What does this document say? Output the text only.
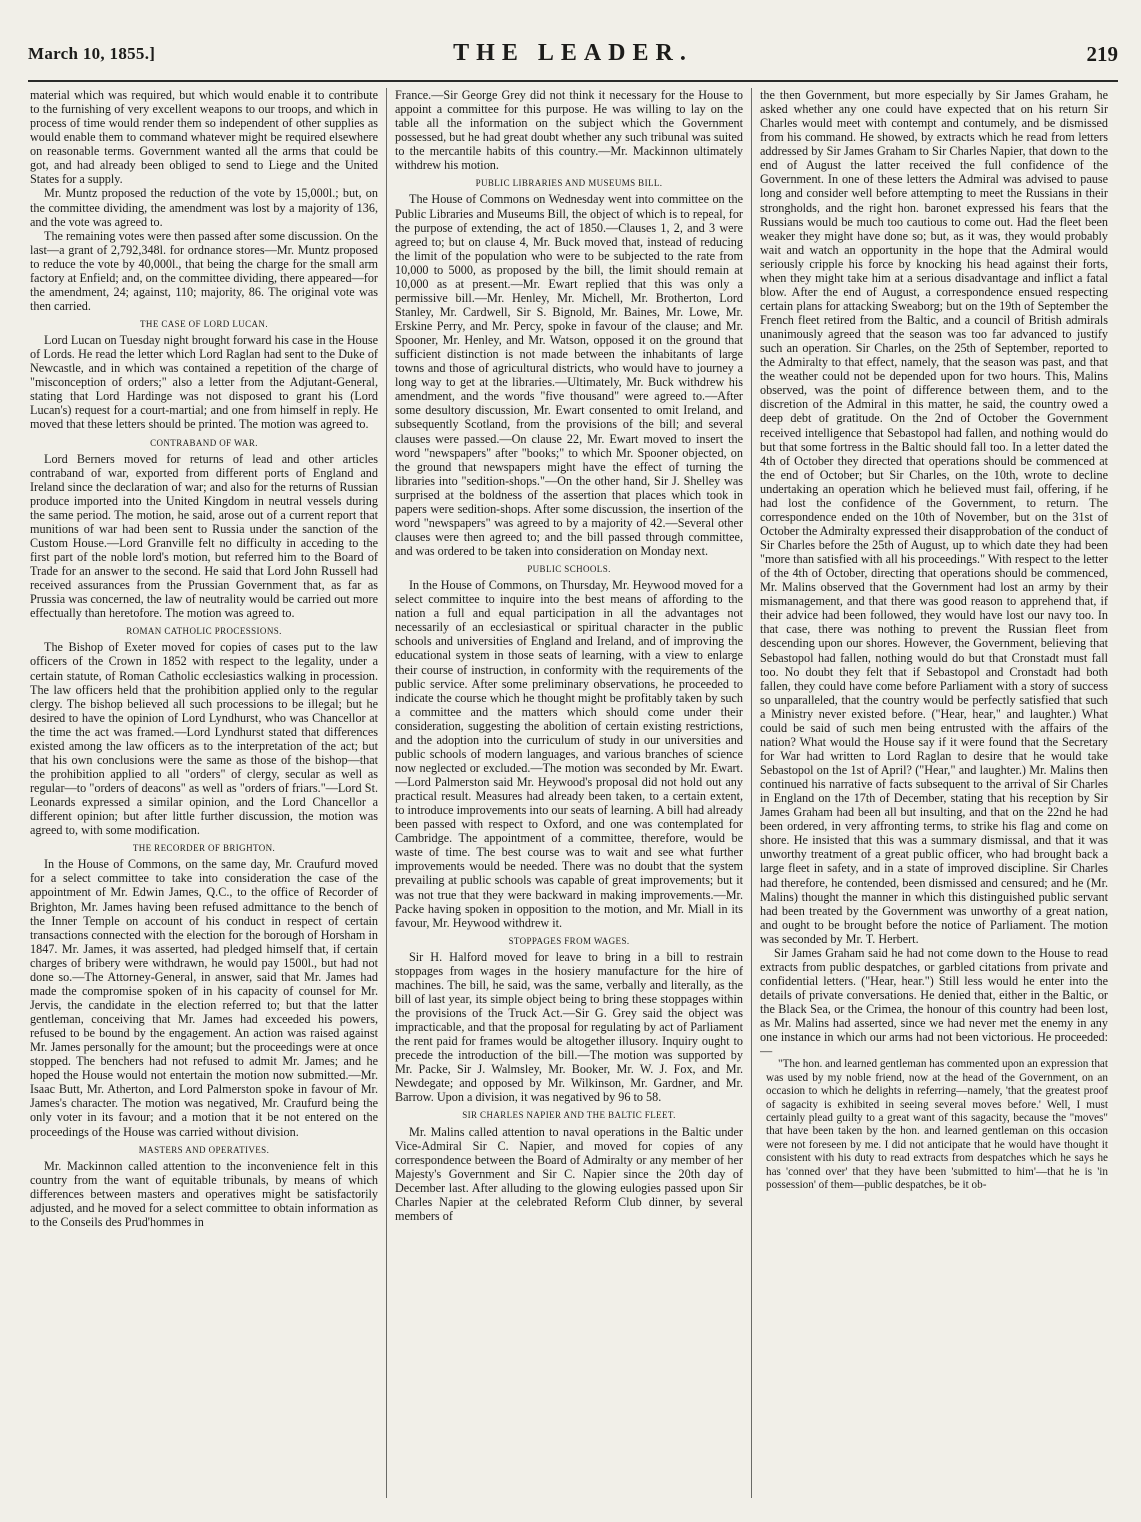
March 10, 1855.]	THE LEADER.	219

material which was required, but which would enable it to contribute to the furnishing of very excellent weapons to our troops, and which in process of time would render them so independent of other supplies as would enable them to command whatever might be required elsewhere on reasonable terms. Government wanted all the arms that could be got, and had already been obliged to send to Liege and the United States for a supply.

Mr. Muntz proposed the reduction of the vote by 15,000l.; but, on the committee dividing, the amendment was lost by a majority of 136, and the vote was agreed to.

The remaining votes were then passed after some discussion. On the last—a grant of 2,792,348l. for ordnance stores—Mr. Muntz proposed to reduce the vote by 40,000l., that being the charge for the small arm factory at Enfield; and, on the committee dividing, there appeared—for the amendment, 24; against, 110; majority, 86. The original vote was then carried.

THE CASE OF LORD LUCAN.

Lord Lucan on Tuesday night brought forward his case in the House of Lords. He read the letter which Lord Raglan had sent to the Duke of Newcastle, and in which was contained a repetition of the charge of "misconception of orders;" also a letter from the Adjutant-General, stating that Lord Hardinge was not disposed to grant his (Lord Lucan's) request for a court-martial; and one from himself in reply. He moved that these letters should be printed. The motion was agreed to.

CONTRABAND OF WAR.

Lord Berners moved for returns of lead and other articles contraband of war, exported from different ports of England and Ireland since the declaration of war; and also for the returns of Russian produce imported into the United Kingdom in neutral vessels during the same period. The motion, he said, arose out of a current report that munitions of war had been sent to Russia under the sanction of the Custom House.—Lord Granville felt no difficulty in acceding to the first part of the noble lord's motion, but referred him to the Board of Trade for an answer to the second. He said that Lord John Russell had received assurances from the Prussian Government that, as far as Prussia was concerned, the law of neutrality would be carried out more effectually than heretofore. The motion was agreed to.

ROMAN CATHOLIC PROCESSIONS.

The Bishop of Exeter moved for copies of cases put to the law officers of the Crown in 1852 with respect to the legality, under a certain statute, of Roman Catholic ecclesiastics walking in procession. The law officers held that the prohibition applied only to the regular clergy. The bishop believed all such processions to be illegal; but he desired to have the opinion of Lord Lyndhurst, who was Chancellor at the time the act was framed.—Lord Lyndhurst stated that differences existed among the law officers as to the interpretation of the act; but that his own conclusions were the same as those of the bishop—that the prohibition applied to all "orders" of clergy, secular as well as regular—to "orders of deacons" as well as "orders of friars."—Lord St. Leonards expressed a similar opinion, and the Lord Chancellor a different opinion; but after little further discussion, the motion was agreed to, with some modification.

THE RECORDER OF BRIGHTON.

In the House of Commons, on the same day, Mr. Craufurd moved for a select committee to take into consideration the case of the appointment of Mr. Edwin James, Q.C., to the office of Recorder of Brighton, Mr. James having been refused admittance to the bench of the Inner Temple on account of his conduct in respect of certain transactions connected with the election for the borough of Horsham in 1847. Mr. James, it was asserted, had pledged himself that, if certain charges of bribery were withdrawn, he would pay 1500l., but had not done so.—The Attorney-General, in answer, said that Mr. James had made the compromise spoken of in his capacity of counsel for Mr. Jervis, the candidate in the election referred to; but that the latter gentleman, conceiving that Mr. James had exceeded his powers, refused to be bound by the engagement. An action was raised against Mr. James personally for the amount; but the proceedings were at once stopped. The benchers had not refused to admit Mr. James; and he hoped the House would not entertain the motion now submitted.—Mr. Isaac Butt, Mr. Atherton, and Lord Palmerston spoke in favour of Mr. James's character. The motion was negatived, Mr. Craufurd being the only voter in its favour; and a motion that it be not entered on the proceedings of the House was carried without division.

MASTERS AND OPERATIVES.

Mr. Mackinnon called attention to the inconvenience felt in this country from the want of equitable tribunals, by means of which differences between masters and operatives might be satisfactorily adjusted, and he moved for a select committee to obtain information as to the Conseils des Prud'hommes in

France.—Sir George Grey did not think it necessary for the House to appoint a committee for this purpose. He was willing to lay on the table all the information on the subject which the Government possessed, but he had great doubt whether any such tribunal was suited to the mercantile habits of this country.—Mr. Mackinnon ultimately withdrew his motion.

PUBLIC LIBRARIES AND MUSEUMS BILL.

The House of Commons on Wednesday went into committee on the Public Libraries and Museums Bill, the object of which is to repeal, for the purpose of extending, the act of 1850.—Clauses 1, 2, and 3 were agreed to; but on clause 4, Mr. Buck moved that, instead of reducing the limit of the population who were to be subjected to the rate from 10,000 to 5000, as proposed by the bill, the limit should remain at 10,000 as at present.—Mr. Ewart replied that this was only a permissive bill.—Mr. Henley, Mr. Michell, Mr. Brotherton, Lord Stanley, Mr. Cardwell, Sir S. Bignold, Mr. Baines, Mr. Lowe, Mr. Erskine Perry, and Mr. Percy, spoke in favour of the clause; and Mr. Spooner, Mr. Henley, and Mr. Watson, opposed it on the ground that sufficient distinction is not made between the inhabitants of large towns and those of agricultural districts, who would have to journey a long way to get at the libraries.—Ultimately, Mr. Buck withdrew his amendment, and the words "five thousand" were agreed to.—After some desultory discussion, Mr. Ewart consented to omit Ireland, and subsequently Scotland, from the provisions of the bill; and several clauses were passed.—On clause 22, Mr. Ewart moved to insert the word "newspapers" after "books;" to which Mr. Spooner objected, on the ground that newspapers might have the effect of turning the libraries into "sedition-shops."—On the other hand, Sir J. Shelley was surprised at the boldness of the assertion that places which took in papers were sedition-shops. After some discussion, the insertion of the word "newspapers" was agreed to by a majority of 42.—Several other clauses were then agreed to; and the bill passed through committee, and was ordered to be taken into consideration on Monday next.

PUBLIC SCHOOLS.

In the House of Commons, on Thursday, Mr. Heywood moved for a select committee to inquire into the best means of affording to the nation a full and equal participation in all the advantages not necessarily of an ecclesiastical or spiritual character in the public schools and universities of England and Ireland, and of improving the educational system in those seats of learning, with a view to enlarge their course of instruction, in conformity with the requirements of the public service. After some preliminary observations, he proceeded to indicate the course which he thought might be profitably taken by such a committee and the matters which should come under their consideration, suggesting the abolition of certain existing restrictions, and the adoption into the curriculum of study in our universities and public schools of modern languages, and various branches of science now neglected or excluded.—The motion was seconded by Mr. Ewart.—Lord Palmerston said Mr. Heywood's proposal did not hold out any practical result. Measures had already been taken, to a certain extent, to introduce improvements into our seats of learning. A bill had already been passed with respect to Oxford, and one was contemplated for Cambridge. The appointment of a committee, therefore, would be waste of time. The best course was to wait and see what further improvements would be needed. There was no doubt that the system prevailing at public schools was capable of great improvements; but it was not true that they were backward in making improvements.—Mr. Packe having spoken in opposition to the motion, and Mr. Miall in its favour, Mr. Heywood withdrew it.

STOPPAGES FROM WAGES.

Sir H. Halford moved for leave to bring in a bill to restrain stoppages from wages in the hosiery manufacture for the hire of machines. The bill, he said, was the same, verbally and literally, as the bill of last year, its simple object being to bring these stoppages within the provisions of the Truck Act.—Sir G. Grey said the object was impracticable, and that the proposal for regulating by act of Parliament the rent paid for frames would be altogether illusory. Inquiry ought to precede the introduction of the bill.—The motion was supported by Mr. Packe, Sir J. Walmsley, Mr. Booker, Mr. W. J. Fox, and Mr. Newdegate; and opposed by Mr. Wilkinson, Mr. Gardner, and Mr. Barrow. Upon a division, it was negatived by 96 to 58.

SIR CHARLES NAPIER AND THE BALTIC FLEET.

Mr. Malins called attention to naval operations in the Baltic under Vice-Admiral Sir C. Napier, and moved for copies of any correspondence between the Board of Admiralty or any member of her Majesty's Government and Sir C. Napier since the 20th day of December last. After alluding to the glowing eulogies passed upon Sir Charles Napier at the celebrated Reform Club dinner, by several members of

the then Government, but more especially by Sir James Graham, he asked whether any one could have expected that on his return Sir Charles would meet with contempt and contumely, and be dismissed from his command. He showed, by extracts which he read from letters addressed by Sir James Graham to Sir Charles Napier, that down to the end of August the latter received the full confidence of the Government. In one of these letters the Admiral was advised to pause long and consider well before attempting to meet the Russians in their strongholds, and the right hon. baronet expressed his fears that the Russians would be much too cautious to come out. Had the fleet been weaker they might have done so; but, as it was, they would probably wait and watch an opportunity in the hope that the Admiral would seriously cripple his force by knocking his head against their forts, when they might take him at a serious disadvantage and inflict a fatal blow. After the end of August, a correspondence ensued respecting certain plans for attacking Sweaborg; but on the 19th of September the French fleet retired from the Baltic, and a council of British admirals unanimously agreed that the season was too far advanced to justify such an operation. Sir Charles, on the 25th of September, reported to the Admiralty to that effect, namely, that the season was past, and that the weather could not be depended upon for two hours. This, Malins observed, was the point of difference between them, and to the discretion of the Admiral in this matter, he said, the country owed a deep debt of gratitude. On the 2nd of October the Government received intelligence that Sebastopol had fallen, and nothing would do but that some fortress in the Baltic should fall too. In a letter dated the 4th of October they directed that operations should be commenced at the end of October; but Sir Charles, on the 10th, wrote to decline undertaking an operation which he believed must fail, offering, if he had lost the confidence of the Government, to return. The correspondence ended on the 10th of November, but on the 31st of October the Admiralty expressed their disapprobation of the conduct of Sir Charles before the 25th of August, up to which date they had been "more than satisfied with all his proceedings." With respect to the letter of the 4th of October, directing that operations should be commenced, Mr. Malins observed that the Government had lost an army by their mismanagement, and that there was good reason to apprehend that, if their advice had been followed, they would have lost our navy too. In that case, there was nothing to prevent the Russian fleet from descending upon our shores. However, the Government, believing that Sebastopol had fallen, nothing would do but that Cronstadt must fall too. No doubt they felt that if Sebastopol and Cronstadt had both fallen, they could have come before Parliament with a story of success so unparalleled, that the country would be perfectly satisfied that such a Ministry never existed before. ("Hear, hear," and laughter.) What could be said of such men being entrusted with the affairs of the nation? What would the House say if it were found that the Secretary for War had written to Lord Raglan to desire that he would take Sebastopol on the 1st of April? ("Hear," and laughter.) Mr. Malins then continued his narrative of facts subsequent to the arrival of Sir Charles in England on the 17th of December, stating that his reception by Sir James Graham had been all but insulting, and that on the 22nd he had been ordered, in very affronting terms, to strike his flag and come on shore. He insisted that this was a summary dismissal, and that it was unworthy treatment of a great public officer, who had brought back a large fleet in safety, and in a state of improved discipline. Sir Charles had therefore, he contended, been dismissed and censured; and he (Mr. Malins) thought the manner in which this distinguished public servant had been treated by the Government was unworthy of a great nation, and ought to be brought before the notice of Parliament. The motion was seconded by Mr. T. Herbert.

Sir James Graham said he had not come down to the House to read extracts from public despatches, or garbled citations from private and confidential letters. ("Hear, hear.") Still less would he enter into the details of private conversations. He denied that, either in the Baltic, or the Black Sea, or the Crimea, the honour of this country had been lost, as Mr. Malins had asserted, since we had never met the enemy in any one instance in which our arms had not been victorious. He proceeded:—

"The hon. and learned gentleman has commented upon an expression that was used by my noble friend, now at the head of the Government, on an occasion to which he delights in referring—namely, 'that the greatest proof of sagacity is exhibited in seeing several moves before.' Well, I must certainly plead guilty to a great want of this sagacity, because the "moves" that have been taken by the hon. and learned gentleman on this occasion were not foreseen by me. I did not anticipate that he would have thought it consistent with his duty to read extracts from despatches which he says he has 'conned over' that they have been 'submitted to him'—that he is 'in possession' of them—public despatches, be it ob-
